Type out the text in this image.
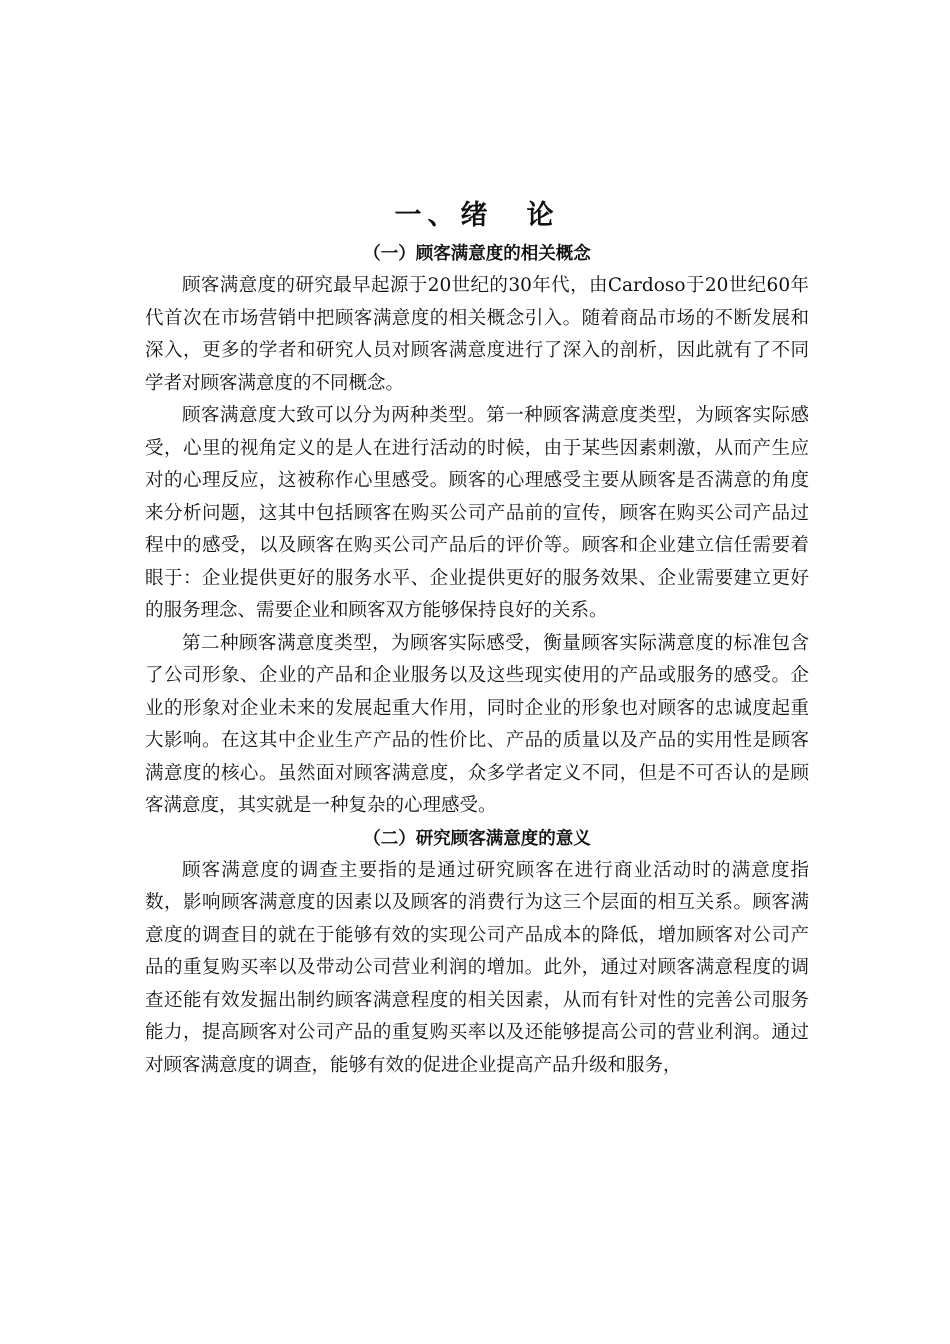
一、绪　论
（一）顾客满意度的相关概念

顾客满意度的研究最早起源于20世纪的30年代，由Cardoso于20世纪60年代首次在市场营销中把顾客满意度的相关概念引入。随着商品市场的不断发展和深入，更多的学者和研究人员对顾客满意度进行了深入的剖析，因此就有了不同学者对顾客满意度的不同概念。

顾客满意度大致可以分为两种类型。第一种顾客满意度类型，为顾客实际感受，心里的视角定义的是人在进行活动的时候，由于某些因素刺激，从而产生应对的心理反应，这被称作心里感受。顾客的心理感受主要从顾客是否满意的角度来分析问题，这其中包括顾客在购买公司产品前的宣传，顾客在购买公司产品过程中的感受，以及顾客在购买公司产品后的评价等。顾客和企业建立信任需要着眼于：企业提供更好的服务水平、企业提供更好的服务效果、企业需要建立更好的服务理念、需要企业和顾客双方能够保持良好的关系。

第二种顾客满意度类型，为顾客实际感受，衡量顾客实际满意度的标准包含了公司形象、企业的产品和企业服务以及这些现实使用的产品或服务的感受。企业的形象对企业未来的发展起重大作用，同时企业的形象也对顾客的忠诚度起重大影响。在这其中企业生产产品的性价比、产品的质量以及产品的实用性是顾客满意度的核心。虽然面对顾客满意度，众多学者定义不同，但是不可否认的是顾客满意度，其实就是一种复杂的心理感受。

（二）研究顾客满意度的意义

顾客满意度的调查主要指的是通过研究顾客在进行商业活动时的满意度指数，影响顾客满意度的因素以及顾客的消费行为这三个层面的相互关系。顾客满意度的调查目的就在于能够有效的实现公司产品成本的降低，增加顾客对公司产品的重复购买率以及带动公司营业利润的增加。此外，通过对顾客满意程度的调查还能有效发掘出制约顾客满意程度的相关因素，从而有针对性的完善公司服务能力，提高顾客对公司产品的重复购买率以及还能够提高公司的营业利润。通过对顾客满意度的调查，能够有效的促进企业提高产品升级和服务，
